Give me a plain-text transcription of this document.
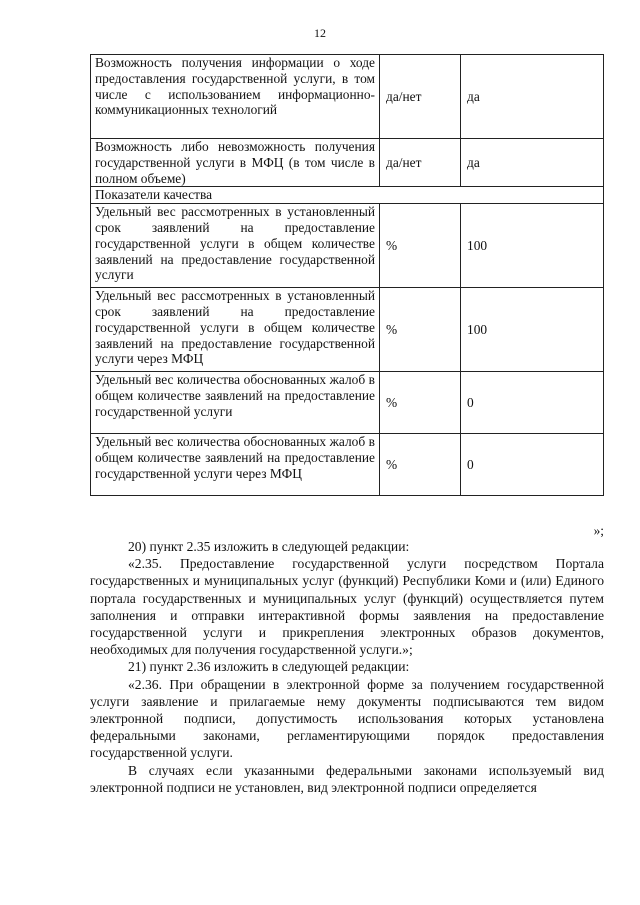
12
Возможность получения информации о ходе предоставления государственной услуги, в том числе с использованием информационно-коммуникационных технологий	да/нет	да
Возможность либо невозможность получения государственной услуги в МФЦ (в том числе в полном объеме)	да/нет	да
Показатели качества		
Удельный вес рассмотренных в установленный срок заявлений на предоставление государственной услуги в общем количестве заявлений на предоставление государственной услуги	%	100
Удельный вес рассмотренных в установленный срок заявлений на предоставление государственной услуги в общем количестве заявлений на предоставление государственной услуги через МФЦ	%	100
Удельный вес количества обоснованных жалоб в общем количестве заявлений на предоставление государственной услуги	%	0
Удельный вес количества обоснованных жалоб в общем количестве заявлений на предоставление государственной услуги через МФЦ	%	0
»;

20) пункт 2.35 изложить в следующей редакции:

«2.35. Предоставление государственной услуги посредством Портала государственных и муниципальных услуг (функций) Республики Коми и (или) Единого портала государственных и муниципальных услуг (функций) осуществляется путем заполнения и отправки интерактивной формы заявления на предоставление государственной услуги и прикрепления электронных образов документов, необходимых для получения государственной услуги.»;

21) пункт 2.36 изложить в следующей редакции:

«2.36. При обращении в электронной форме за получением государственной услуги заявление и прилагаемые нему документы подписываются тем видом электронной подписи, допустимость использования которых установлена федеральными законами, регламентирующими порядок предоставления государственной услуги.

В случаях если указанными федеральными законами используемый вид электронной подписи не установлен, вид электронной подписи определяется
